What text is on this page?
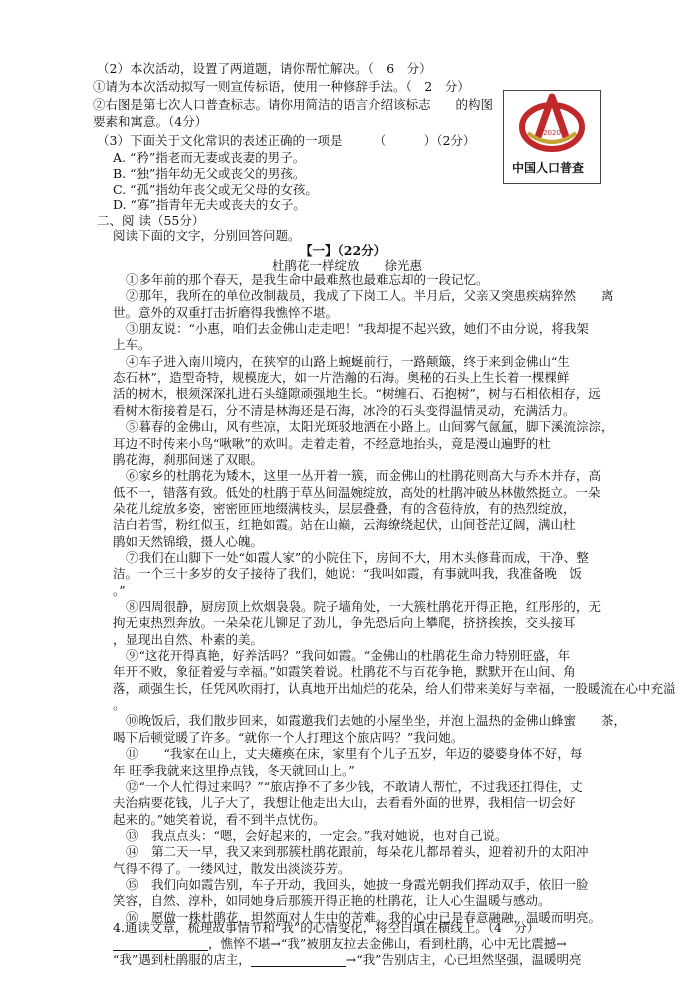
（2）本次活动，设置了两道题，请你帮忙解决。（　6　分）
①请为本次活动拟写一则宣传标语，使用一种修辞手法。（　2　分）
②右图是第七次人口普查标志。请你用简洁的语言介绍该标志　　的构图
要素和寓意。（4分）
（3）下面关于文化常识的表述正确的一项是　　　（　　　）（2分）
A. “矜”指老而无妻或丧妻的男子。
B. “独”指年幼无父或丧父的男孩。
C. “孤”指幼年丧父或无父母的女孩。
D. “寡”指青年无夫或丧夫的女子。
2020
中国人口普查
二、阅 读（55分）
阅读下面的文字，分别回答问题。
【一】（22分）
杜鹃花一样绽放　　徐光惠
①多年前的那个春天，是我生命中最难熬也最难忘却的一段记忆。
②那年，我所在的单位改制裁员，我成了下岗工人。半月后，父亲又突患疾病猝然　　离
世。意外的双重打击折磨得我憔悴不堪。
③朋友说：“小惠，咱们去金佛山走走吧！”我却提不起兴致，她们不由分说，将我架
上车。
④车子进入南川境内，在狭窄的山路上蜿蜒前行，一路颠簸，终于来到金佛山“生
态石林”，造型奇特，规模庞大，如一片浩瀚的石海。奥秘的石头上生长着一棵棵鲜
活的树木，根须深深扎进石头缝隙顽强地生长。“树缠石、石抱树”，树与石相依相存，远
看树木衔接着是石，分不清是林海还是石海，冰冷的石头变得温情灵动，充满活力。
⑤暮春的金佛山，风有些凉，太阳光斑驳地洒在小路上。山间雾气氤氲，脚下溪流淙淙，
耳边不时传来小鸟“啾啾”的欢叫。走着走着，不经意地抬头，竟是漫山遍野的杜
鹃花海，刹那间迷了双眼。
⑥家乡的杜鹃花为矮木，这里一丛开着一簇，而金佛山的杜鹃花则高大与乔木并存，高
低不一，错落有致。低处的杜鹃于草丛间温婉绽放，高处的杜鹃冲破丛林傲然挺立。一朵
朵花儿绽放多姿，密密匝匝地缀满枝头，层层叠叠，有的含苞待放，有的热烈绽放，
洁白若雪，粉红似玉，红艳如霞。站在山巅，云海缭绕起伏，山间苍茫辽阔，满山杜
鹃如天然锦缎，摄人心魄。
⑦我们在山脚下一处“如霞人家”的小院住下，房间不大，用木头修葺而成，干净、整
洁。一个三十多岁的女子接待了我们，她说：“我叫如霞，有事就叫我，我准备晚　饭
。”
⑧四周很静，厨房顶上炊烟袅袅。院子墙角处，一大簇杜鹃花开得正艳，红彤彤的，无
拘无束热烈奔放。一朵朵花儿铆足了劲儿，争先恐后向上攀爬，挤挤挨挨，交头接耳
，显现出自然、朴素的美。
⑨“这花开得真艳，好养活吗？”我问如霞。“金佛山的杜鹃花生命力特别旺盛，年
年开不败，象征着爱与幸福。”如霞笑着说。杜鹃花不与百花争艳，默默开在山间、角
落，顽强生长，任凭风吹雨打，认真地开出灿烂的花朵，给人们带来美好与幸福，一股暖流在心中充溢
。
⑩晚饭后，我们散步回来，如霞邀我们去她的小屋坐坐，并泡上温热的金佛山蜂蜜　　茶，
喝下后顿觉暖了许多。“就你一个人打理这个旅店吗？”我问她。
⑪　　“我家在山上，丈夫瘫痪在床，家里有个儿子五岁，年迈的婆婆身体不好，每
年 旺季我就来这里挣点钱，冬天就回山上。”
⑫“一个人忙得过来吗？”“旅店挣不了多少钱，不敢请人帮忙，不过我还扛得住，丈
夫治病要花钱，儿子大了，我想让他走出大山，去看看外面的世界，我相信一切会好
起来的。”她笑着说，看不到半点忧伤。
⑬　我点点头：“嗯，会好起来的，一定会。”我对她说，也对自己说。
⑭　第二天一早，我又来到那簇杜鹃花跟前，每朵花儿都昂着头，迎着初升的太阳冲
气得不得了。一缕风过，散发出淡淡芬芳。
⑮　我们向如霞告别，车子开动，我回头，她披一身霞光朝我们挥动双手，依旧一脸
笑容，自然、淳朴，如同她身后那簇开得正艳的杜鹃花，让人心生温暖与感动。
⑯　愿做一株杜鹃花，坦然面对人生中的苦难。我的心中已是春意融融，温暖而明亮。
4.通读文章，梳理故事情节和“我”的心情变化，将空白填在横线上。（4　分）
，憔悴不堪→“我”被朋友拉去金佛山，看到杜鹃，心中无比震撼→
“我”遇到杜鹃服的店主，	→“我”告别店主，心已坦然坚强，温暖明亮
